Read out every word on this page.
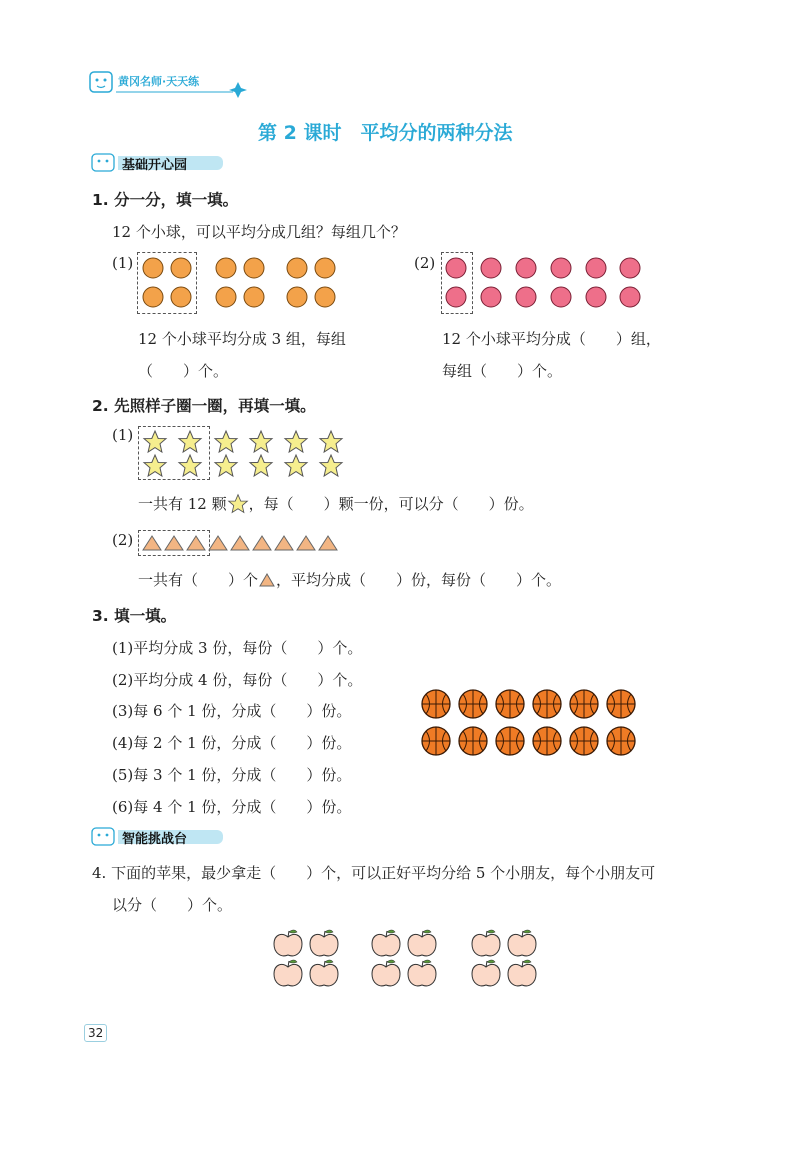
黄冈名师·天天练
第 2 课时　平均分的两种分法
基础开心园
1. 分一分，填一填。
12 个小球，可以平均分成几组？每组几个？
(1)
12 个小球平均分成 3 组，每组
（　　）个。
(2)
12 个小球平均分成（　　）组，
每组（　　）个。
2. 先照样子圈一圈，再填一填。
(1)
一共有 12 颗 ，每（　　）颗一份，可以分（　　）份。
(2)
一共有（　　）个 ，平均分成（　　）份，每份（　　）个。
3. 填一填。
(1)平均分成 3 份，每份（　　）个。
(2)平均分成 4 份，每份（　　）个。
(3)每 6 个 1 份，分成（　　）份。
(4)每 2 个 1 份，分成（　　）份。
(5)每 3 个 1 份，分成（　　）份。
(6)每 4 个 1 份，分成（　　）份。
智能挑战台
4. 下面的苹果，最少拿走（　　）个，可以正好平均分给 5 个小朋友，每个小朋友可
以分（　　）个。
32
